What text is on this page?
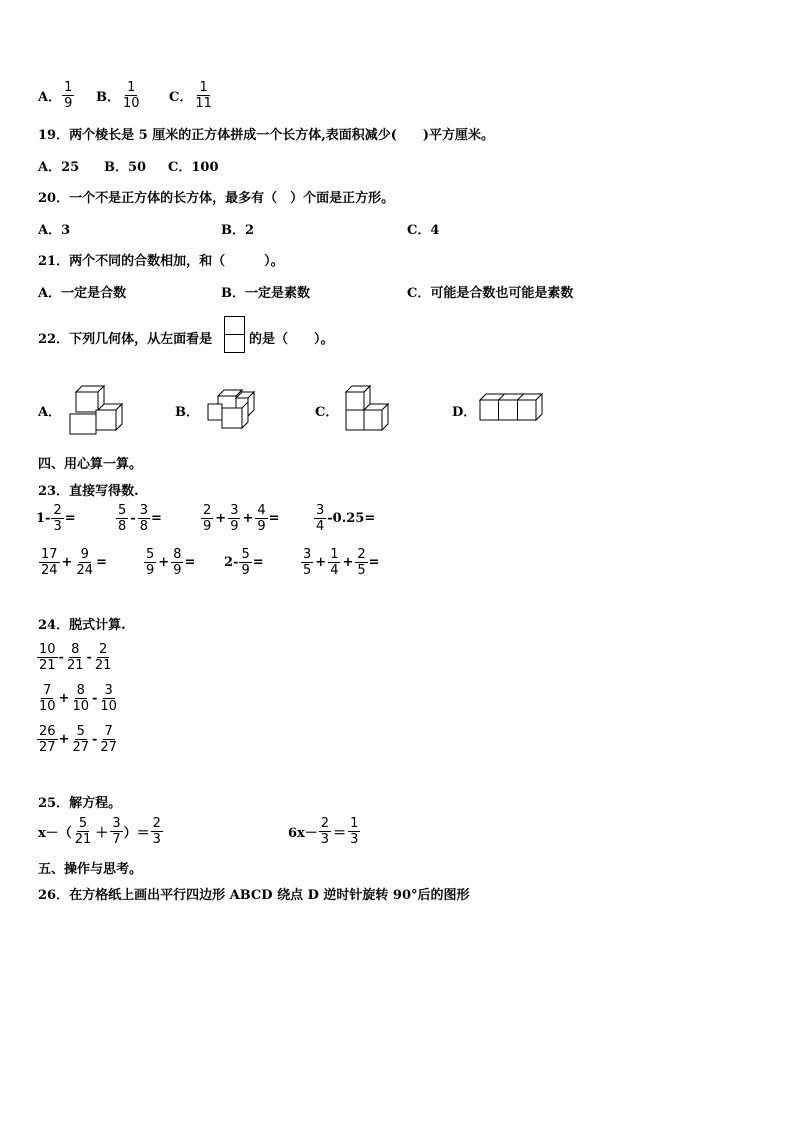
A． $\frac{1}{9}$ B． $\frac{1}{10}$ C． $\frac{1}{11}$
19．两个棱长是 5 厘米的正方体拼成一个长方体,表面积减少(　　)平方厘米。
A．25 B．50 C．100
20．一个不是正方体的长方体，最多有（　）个面是正方形。
A．3	B．2	C．4
21．两个不同的合数相加，和（　　　）。
A．一定是合数	B．一定是素数	C．可能是合数也可能是素数
22．下列几何体，从左面看是	的是（　　）。
A．	B．	C．	D．
四、用心算一算。
23．直接写得数.
$1- \frac{2}{3}$ =	$\frac{5}{8} - \frac{3}{8}$ =	$\frac{2}{9} + \frac{3}{9} + \frac{4}{9}$ =	$\frac{3}{4} -0.25=$
$\frac{17}{24} + \frac{9}{24}$ =	$\frac{5}{9} + \frac{8}{9} = 2- \frac{5}{9}$ =	$\frac{3}{5} + \frac{1}{4} + \frac{2}{5}$ =
24．脱式计算.
$\frac{10}{21} - \frac{8}{21} - \frac{2}{21}$
$\frac{7}{10} + \frac{8}{10} - \frac{3}{10}$
$\frac{26}{27} + \frac{5}{27} - \frac{7}{27}$
25．解方程。
$x-( \frac{5}{21} + \frac{3}{7}$ ）＝ $\frac{2}{3}$	$6x- \frac{2}{3} = \frac{1}{3}$
五、操作与思考。
26．在方格纸上画出平行四边形 ABCD 绕点 D 逆时针旋转 90°后的图形
